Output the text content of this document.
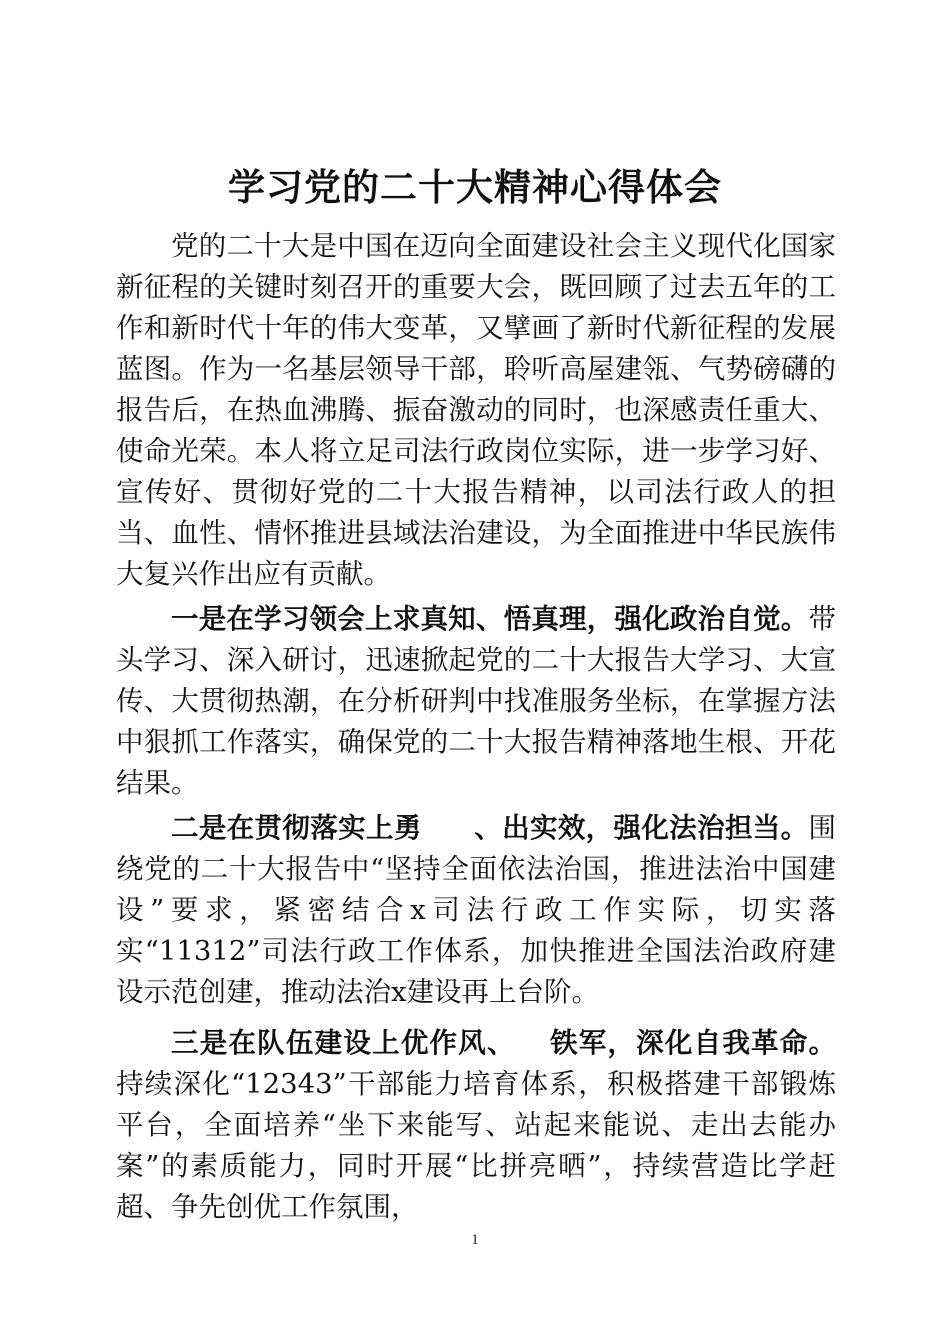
学习党的二十大精神心得体会

党的二十大是中国在迈向全面建设社会主义现代化国家新征程的关键时刻召开的重要大会，既回顾了过去五年的工作和新时代十年的伟大变革，又擘画了新时代新征程的发展蓝图。作为一名基层领导干部，聆听高屋建瓴、气势磅礴的报告后，在热血沸腾、振奋激动的同时，也深感责任重大、使命光荣。本人将立足司法行政岗位实际，进一步学习好、宣传好、贯彻好党的二十大报告精神，以司法行政人的担当、血性、情怀推进县域法治建设，为全面推进中华民族伟大复兴作出应有贡献。

一是在学习领会上求真知、悟真理，强化政治自觉。带头学习、深入研讨，迅速掀起党的二十大报告大学习、大宣传、大贯彻热潮，在分析研判中找准服务坐标，在掌握方法中狠抓工作落实，确保党的二十大报告精神落地生根、开花结果。

二是在贯彻落实上勇 、出实效，强化法治担当。围绕党的二十大报告中“坚持全面依法治国，推进法治中国建设”要求，紧密结合x司法行政工作实际，切实落实“11312”司法行政工作体系，加快推进全国法治政府建设示范创建，推动法治x建设再上台阶。

三是在队伍建设上优作风、 铁军，深化自我革命。持续深化“12343”干部能力培育体系，积极搭建干部锻炼平台，全面培养“坐下来能写、站起来能说、走出去能办案”的素质能力，同时开展“比拼亮晒”，持续营造比学赶超、争先创优工作氛围，

1
